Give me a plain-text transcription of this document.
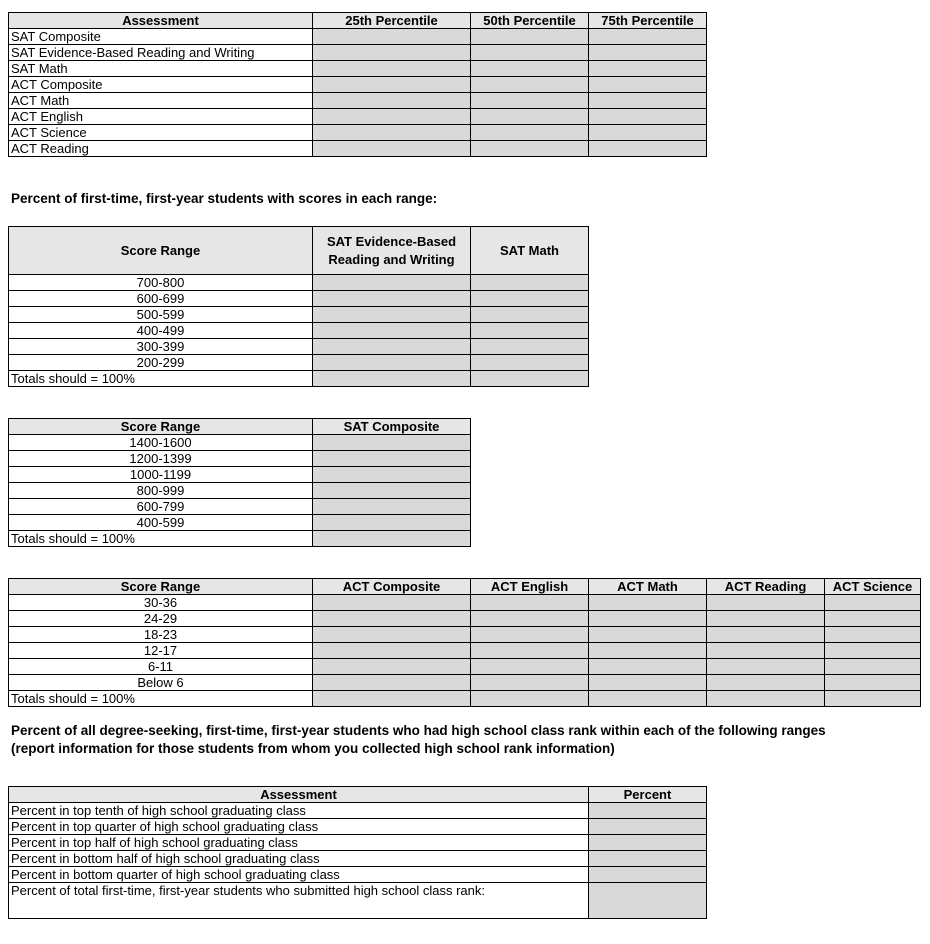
Assessment	25th Percentile	50th Percentile	75th Percentile
SAT Composite			
SAT Evidence-Based Reading and Writing			
SAT Math			
ACT Composite			
ACT Math			
ACT English			
ACT Science			
ACT Reading			
Percent of first-time, first-year students with scores in each range:
Score Range	SAT Evidence-Based Reading and Writing	SAT Math
700-800		
600-699		
500-599		
400-499		
300-399		
200-299		
Totals should = 100%		
Score Range	SAT Composite
1400-1600	
1200-1399	
1000-1199	
800-999	
600-799	
400-599	
Totals should = 100%	
Score Range	ACT Composite	ACT English	ACT Math	ACT Reading	ACT Science
30-36					
24-29					
18-23					
12-17					
6-11					
Below 6					
Totals should = 100%					
Percent of all degree-seeking, first-time, first-year students who had high school class rank within each of the following ranges (report information for those students from whom you collected high school rank information)
Assessment	Percent
Percent in top tenth of high school graduating class	
Percent in top quarter of high school graduating class	
Percent in top half of high school graduating class	
Percent in bottom half of high school graduating class	
Percent in bottom quarter of high school graduating class	
Percent of total first-time, first-year students who submitted high school class rank:	
